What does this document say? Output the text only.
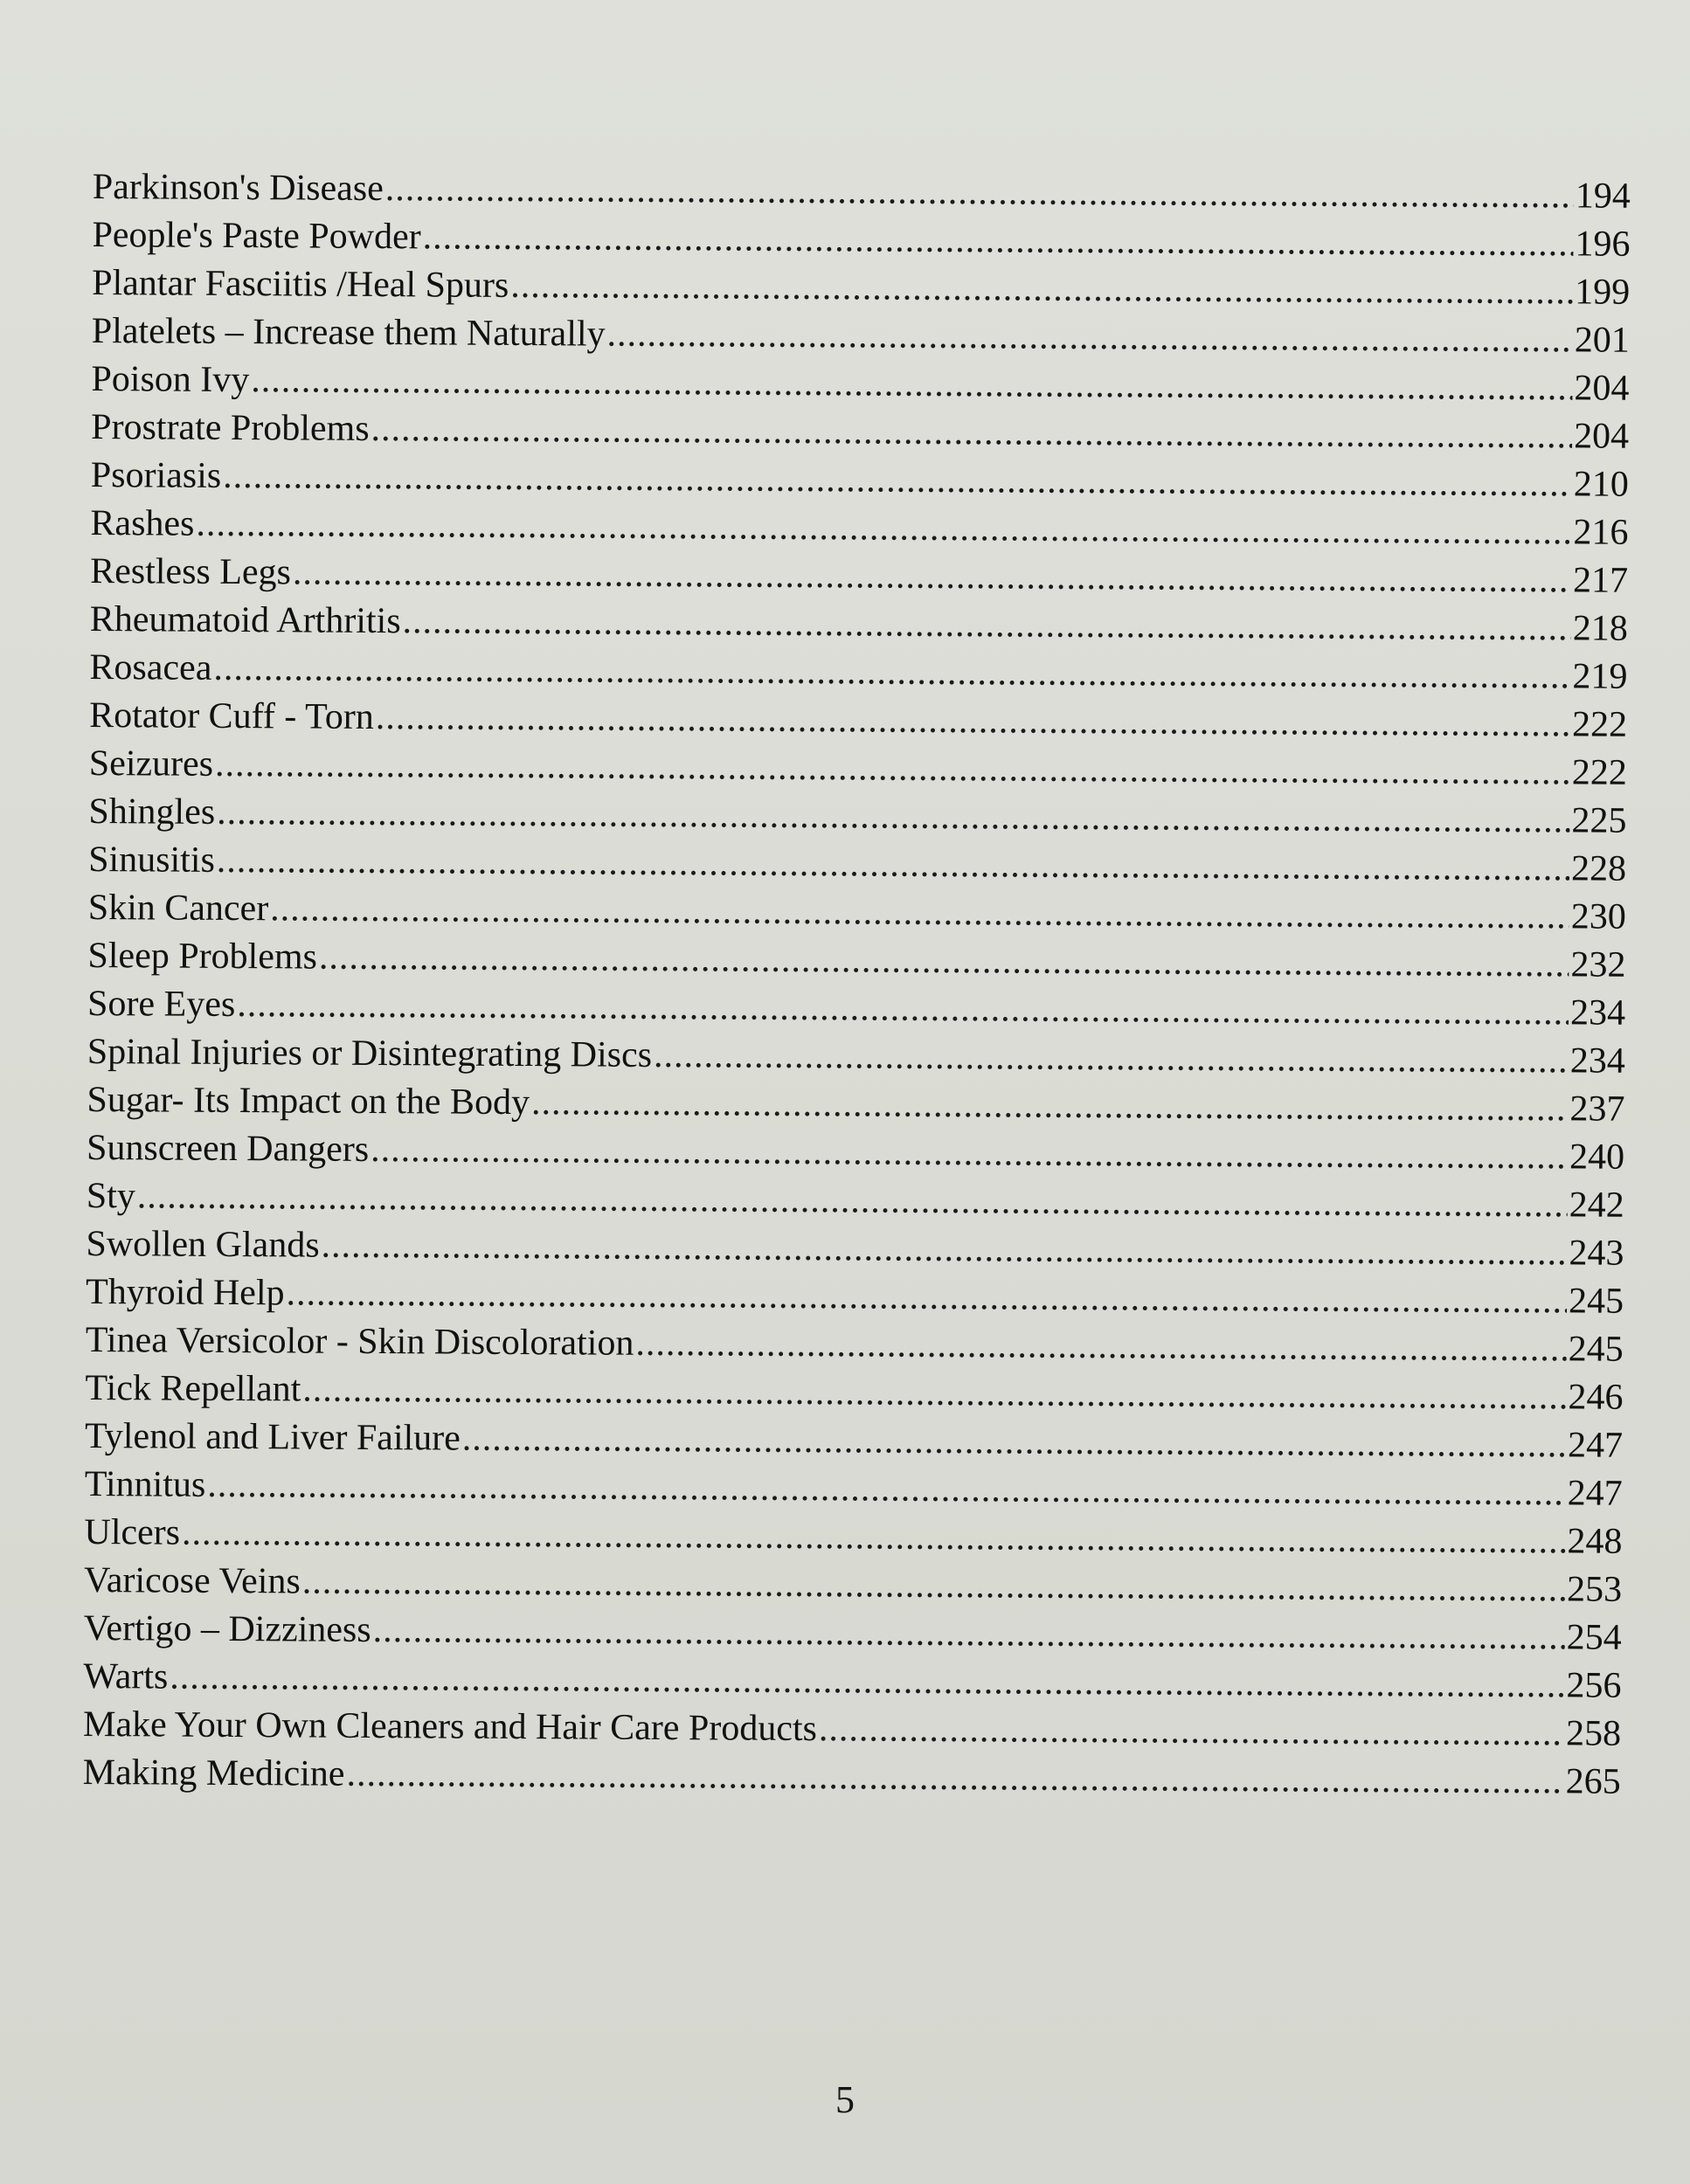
Parkinson's Disease .....	194
People's Paste Powder .....	196
Plantar Fasciitis /Heal Spurs .....	199
Platelets – Increase them Naturally .....	201
Poison Ivy .....	204
Prostrate Problems .....	204
Psoriasis .....	210
Rashes .....	216
Restless Legs .....	217
Rheumatoid Arthritis .....	218
Rosacea .....	219
Rotator Cuff - Torn .....	222
Seizures .....	222
Shingles .....	225
Sinusitis .....	228
Skin Cancer .....	230
Sleep Problems .....	232
Sore Eyes .....	234
Spinal Injuries or Disintegrating Discs .....	234
Sugar- Its Impact on the Body .....	237
Sunscreen Dangers .....	240
Sty .....	242
Swollen Glands .....	243
Thyroid Help .....	245
Tinea Versicolor - Skin Discoloration .....	245
Tick Repellant .....	246
Tylenol and Liver Failure .....	247
Tinnitus .....	247
Ulcers .....	248
Varicose Veins .....	253
Vertigo – Dizziness .....	254
Warts .....	256
Make Your Own Cleaners and Hair Care Products .....	258
Making Medicine .....	265
5
